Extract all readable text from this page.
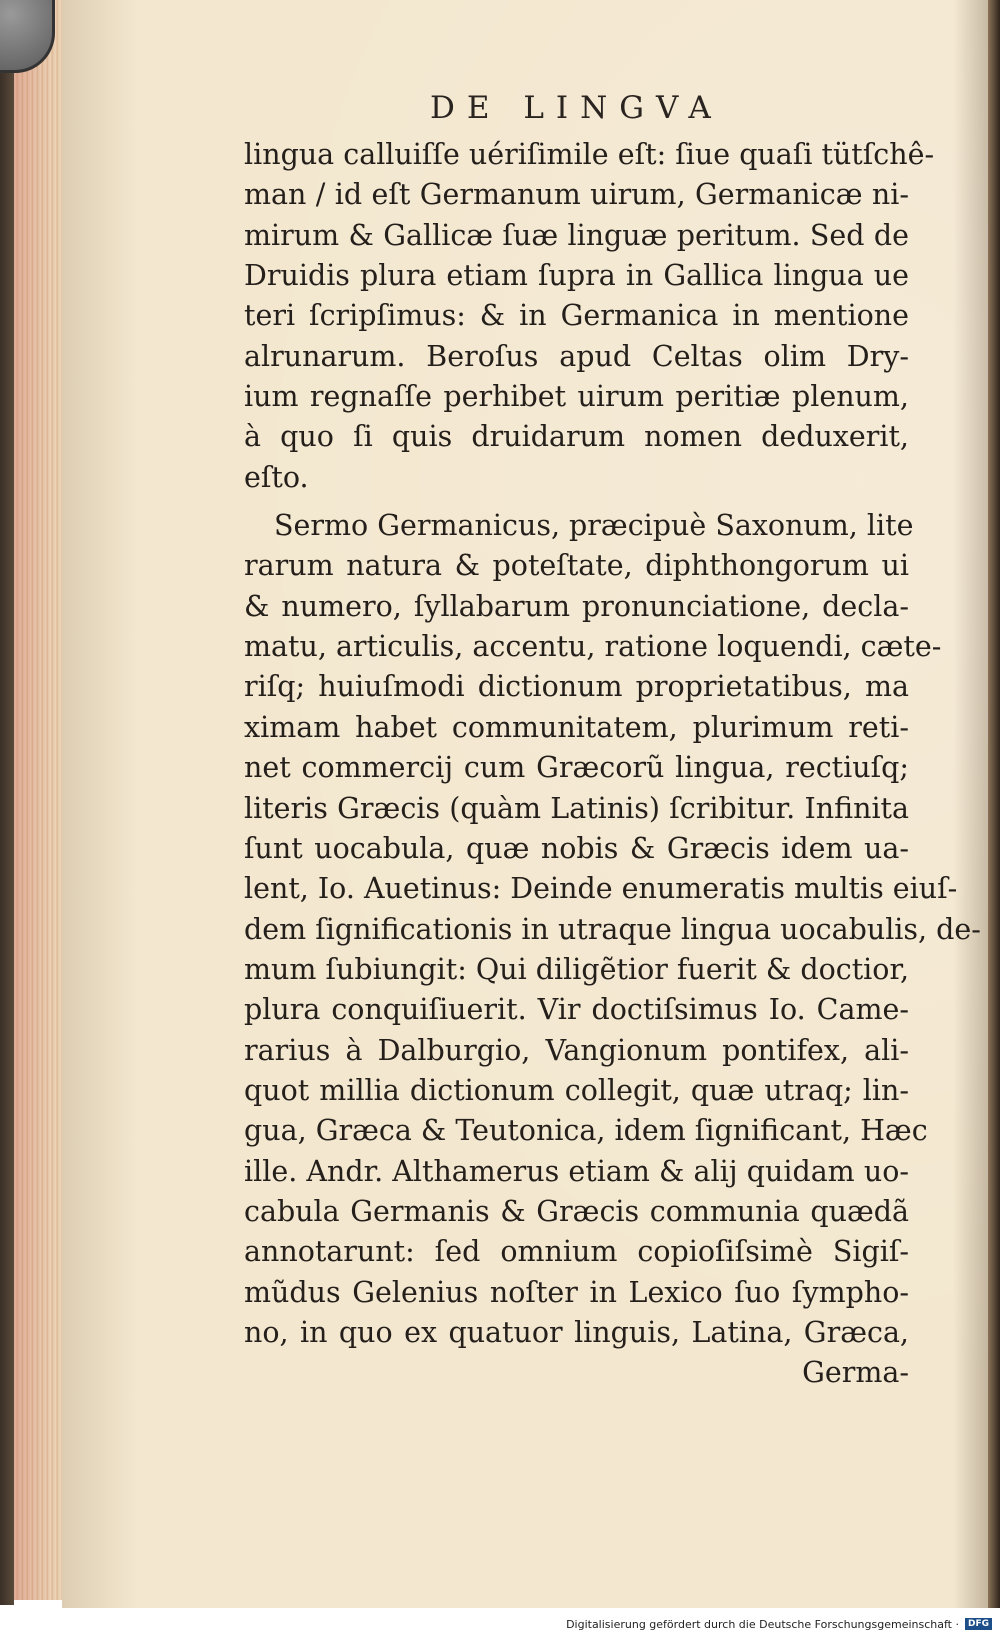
DE LINGVA
lingua calluiſſe uériſimile eſt: ſiue quaſi tütſchê-
man / id eſt Germanum uirum, Germanicæ ni-
mirum & Gallicæ ſuæ linguæ peritum. Sed de
Druidis plura etiam ſupra in Gallica lingua ue
teri ſcripſimus: & in Germanica in mentione
alrunarum. Beroſus apud Celtas olim Dry-
ium regnaſſe perhibet uirum peritiæ plenum,
à quo ſi quis druidarum nomen deduxerit,
eſto.
Sermo Germanicus, præcipuè Saxonum, lite
rarum natura & poteſtate, diphthongorum ui
& numero, ſyllabarum pronunciatione, decla-
matu, articulis, accentu, ratione loquendi, cæte-
riſq; huiuſmodi dictionum proprietatibus, ma
ximam habet communitatem, plurimum reti-
net commercij cum Græcorũ lingua, rectiuſq;
literis Græcis (quàm Latinis) ſcribitur. Infinita
ſunt uocabula, quæ nobis & Græcis idem ua-
lent, Io. Auetinus: Deinde enumeratis multis eiuſ-
dem ſignificationis in utraque lingua uocabulis, de-
mum ſubiungit: Qui diligẽtior fuerit & doctior,
plura conquiſiuerit. Vir doctiſsimus Io. Came-
rarius à Dalburgio, Vangionum pontifex, ali-
quot millia dictionum collegit, quæ utraq; lin-
gua, Græca & Teutonica, idem ſignificant, Hæc
ille. Andr. Althamerus etiam & alij quidam uo-
cabula Germanis & Græcis communia quædã
annotarunt: ſed omnium copioſiſsimè Sigiſ-
mũdus Gelenius noſter in Lexico ſuo ſympho-
no, in quo ex quatuor linguis, Latina, Græca,
Germa-
Digitalisierung gefördert durch die Deutsche Forschungsgemeinschaft ·	DFG
